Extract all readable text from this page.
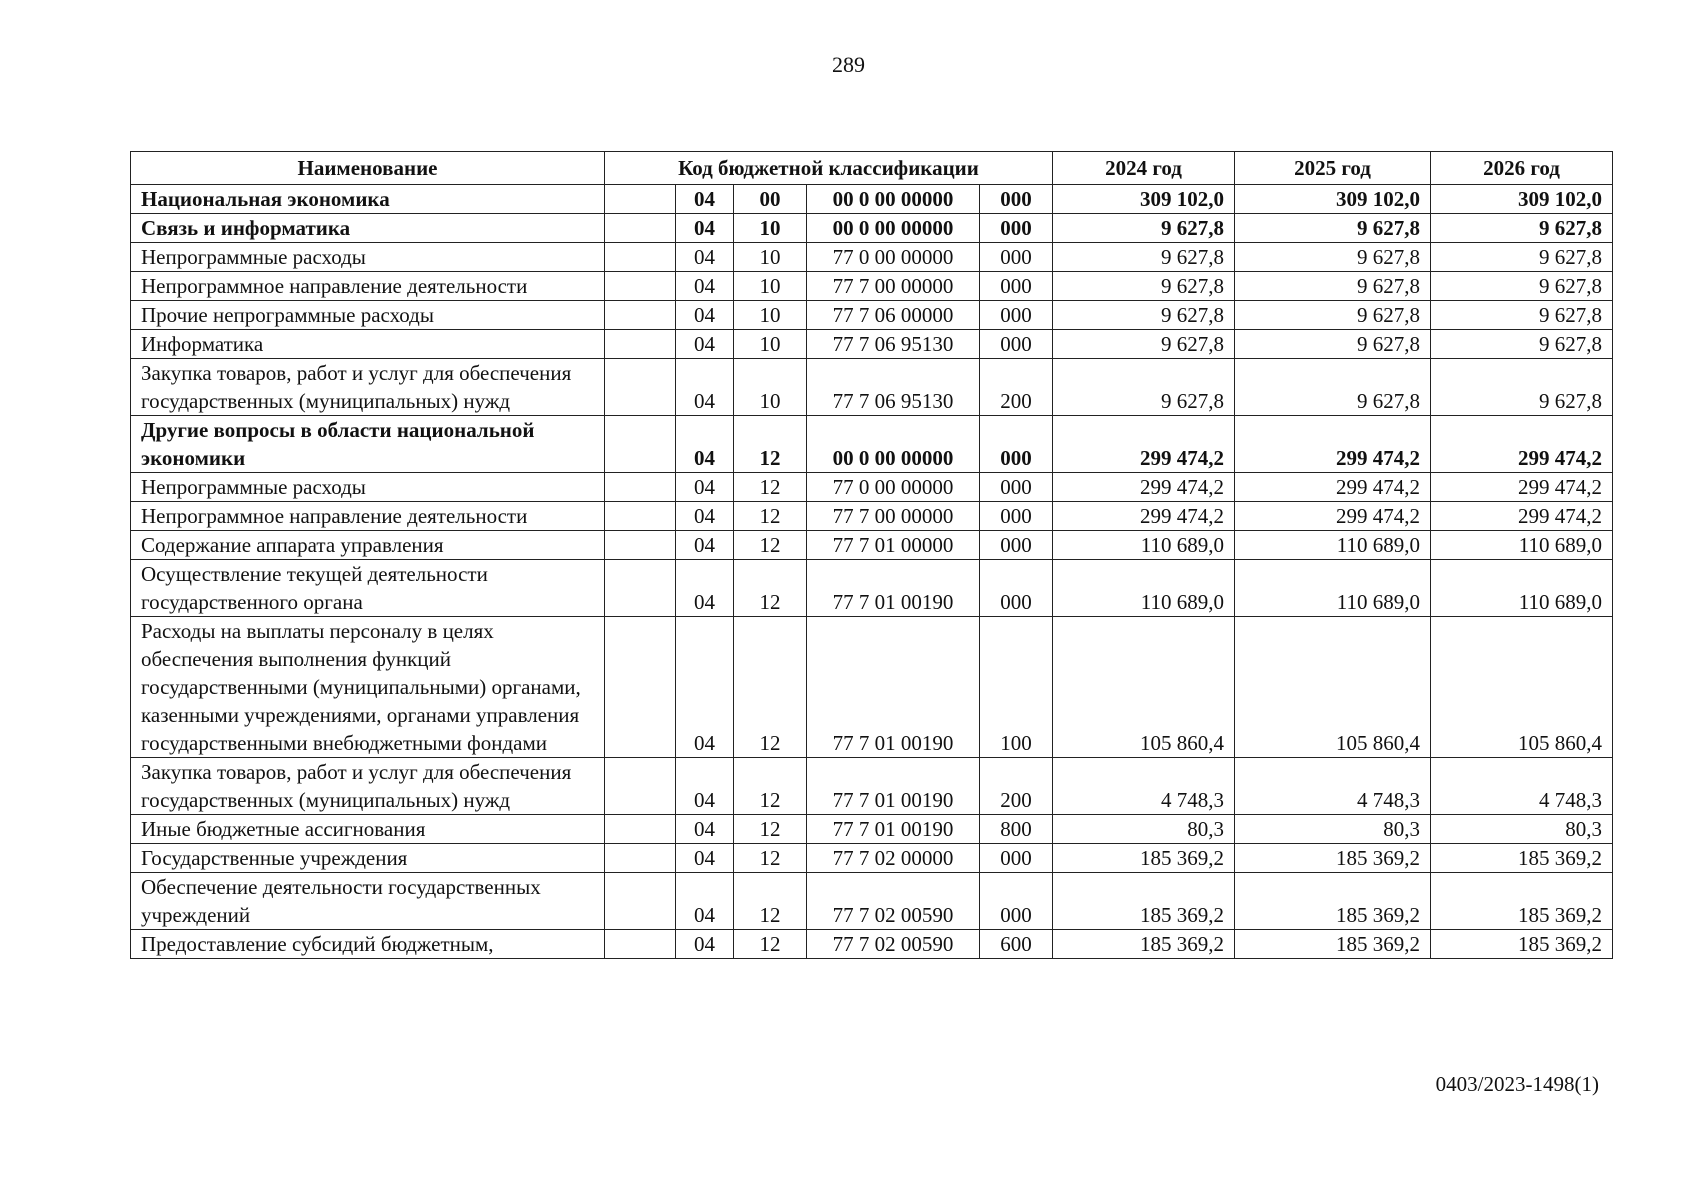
289
Наименование	Код бюджетной классификации					2024 год	2025 год	2026 год
Национальная экономика		04	00	00 0 00 00000	000	309 102,0	309 102,0	309 102,0
Связь и информатика		04	10	00 0 00 00000	000	9 627,8	9 627,8	9 627,8
Непрограммные расходы		04	10	77 0 00 00000	000	9 627,8	9 627,8	9 627,8
Непрограммное направление деятельности		04	10	77 7 00 00000	000	9 627,8	9 627,8	9 627,8
Прочие непрограммные расходы		04	10	77 7 06 00000	000	9 627,8	9 627,8	9 627,8
Информатика		04	10	77 7 06 95130	000	9 627,8	9 627,8	9 627,8
Закупка товаров, работ и услуг для обеспечения государственных (муниципальных) нужд		04	10	77 7 06 95130	200	9 627,8	9 627,8	9 627,8
Другие вопросы в области национальной экономики		04	12	00 0 00 00000	000	299 474,2	299 474,2	299 474,2
Непрограммные расходы		04	12	77 0 00 00000	000	299 474,2	299 474,2	299 474,2
Непрограммное направление деятельности		04	12	77 7 00 00000	000	299 474,2	299 474,2	299 474,2
Содержание аппарата управления		04	12	77 7 01 00000	000	110 689,0	110 689,0	110 689,0
Осуществление текущей деятельности государственного органа		04	12	77 7 01 00190	000	110 689,0	110 689,0	110 689,0
Расходы на выплаты персоналу в целях обеспечения выполнения функций государственными (муниципальными) органами, казенными учреждениями, органами управления государственными внебюджетными фондами		04	12	77 7 01 00190	100	105 860,4	105 860,4	105 860,4
Закупка товаров, работ и услуг для обеспечения государственных (муниципальных) нужд		04	12	77 7 01 00190	200	4 748,3	4 748,3	4 748,3
Иные бюджетные ассигнования		04	12	77 7 01 00190	800	80,3	80,3	80,3
Государственные учреждения		04	12	77 7 02 00000	000	185 369,2	185 369,2	185 369,2
Обеспечение деятельности государственных учреждений		04	12	77 7 02 00590	000	185 369,2	185 369,2	185 369,2
Предоставление субсидий бюджетным,		04	12	77 7 02 00590	600	185 369,2	185 369,2	185 369,2
0403/2023-1498(1)
